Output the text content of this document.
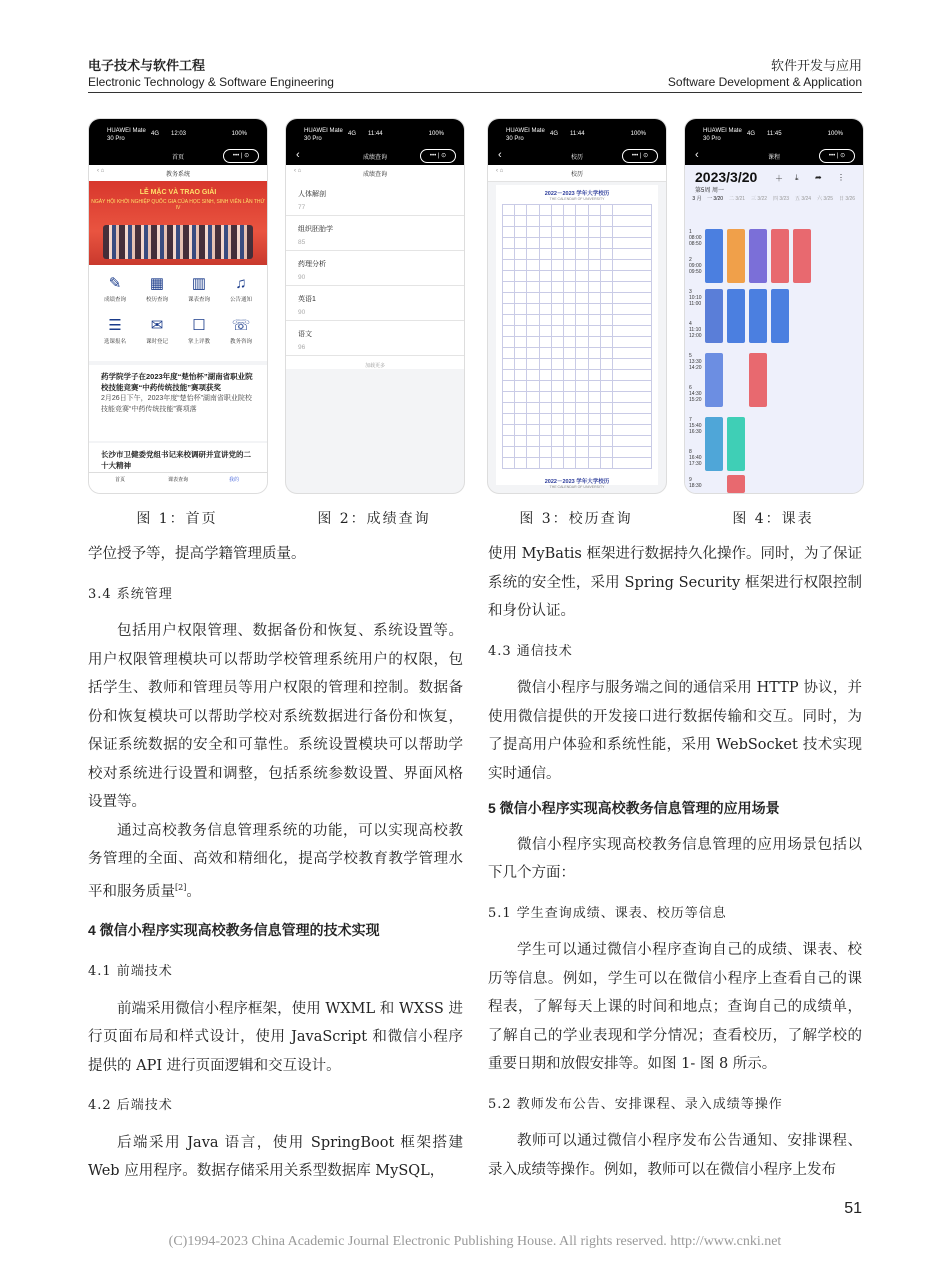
电子技术与软件工程
Electronic Technology & Software Engineering
软件开发与应用
Software Development & Application
HUAWEI Mate 30 Pro
4G 12:03	100%
首页	••• | ⊙
‹ ⌂
教务系统
LỄ MẶC VÀ TRAO GIẢI
NGÀY HỘI KHỞI NGHIỆP QUỐC GIA CỦA HỌC SINH, SINH VIÊN LẦN THỨ IV
✎
成绩查询
▦
校历查询
▥
课表查询
♫
公告通知
☰
选课报名
✉
课时登记
☐
掌上评教
☏
教务咨询
药学院学子在2023年度“楚怡杯”湖南省职业院校技能竞赛“中药传统技能”赛项获奖
2月26日下午，2023年度“楚怡杯”湖南省职业院校技能竞赛“中药传统技能”赛项落
长沙市卫健委党组书记来校调研并宣讲党的二十大精神
首页	课表查询	我的
HUAWEI Mate 30 Pro
4G 11:44	100%
‹	成绩查询	••• | ⊙
‹ ⌂
成绩查询
人体解剖
77
组织胚胎学
85
药理分析
90
英语1
90
语文
96
加载更多
HUAWEI Mate 30 Pro
4G 11:44	100%
‹	校历	••• | ⊙
‹ ⌂
校历
2022－2023 学年大学校历
THE CALENDAR OF UNIVERSITY

2022－2023 学年大学校历
THE CALENDAR OF UNIVERSITY
HUAWEI Mate 30 Pro
4G 11:45	100%
‹	课程	••• | ⊙
2023/3/20
第5周 周一
＋ ⤓ ➦ ⋮
3 月	一 3/20	二 3/21	三 3/22	四 3/23	五 3/24	六 3/25	日 3/26
1 08:00 08:50
2 09:00 09:50
3 10:10 11:00
4 11:10 12:00
5 13:30 14:20
6 14:30 15:20
7 15:40 16:30
8 16:40 17:30
9 18:30
图 1：首页	图 2：成绩查询	图 3：校历查询	图 4：课表

学位授予等，提高学籍管理质量。

3.4 系统管理

包括用户权限管理、数据备份和恢复、系统设置等。用户权限管理模块可以帮助学校管理系统用户的权限，包括学生、教师和管理员等用户权限的管理和控制。数据备份和恢复模块可以帮助学校对系统数据进行备份和恢复，保证系统数据的安全和可靠性。系统设置模块可以帮助学校对系统进行设置和调整，包括系统参数设置、界面风格设置等。

通过高校教务信息管理系统的功能，可以实现高校教务管理的全面、高效和精细化，提高学校教育教学管理水平和服务质量[2]。

4 微信小程序实现高校教务信息管理的技术实现

4.1 前端技术

前端采用微信小程序框架，使用 WXML 和 WXSS 进行页面布局和样式设计，使用 JavaScript 和微信小程序提供的 API 进行页面逻辑和交互设计。

4.2 后端技术

后端采用 Java 语言，使用 SpringBoot 框架搭建 Web 应用程序。数据存储采用关系型数据库 MySQL，

使用 MyBatis 框架进行数据持久化操作。同时，为了保证系统的安全性，采用 Spring Security 框架进行权限控制和身份认证。

4.3 通信技术

微信小程序与服务端之间的通信采用 HTTP 协议，并使用微信提供的开发接口进行数据传输和交互。同时，为了提高用户体验和系统性能，采用 WebSocket 技术实现实时通信。

5 微信小程序实现高校教务信息管理的应用场景

微信小程序实现高校教务信息管理的应用场景包括以下几个方面：

5.1 学生查询成绩、课表、校历等信息

学生可以通过微信小程序查询自己的成绩、课表、校历等信息。例如，学生可以在微信小程序上查看自己的课程表，了解每天上课的时间和地点；查询自己的成绩单，了解自己的学业表现和学分情况；查看校历，了解学校的重要日期和放假安排等。如图 1- 图 8 所示。

5.2 教师发布公告、安排课程、录入成绩等操作

教师可以通过微信小程序发布公告通知、安排课程、录入成绩等操作。例如，教师可以在微信小程序上发布

51
(C)1994-2023 China Academic Journal Electronic Publishing House. All rights reserved. http://www.cnki.net
